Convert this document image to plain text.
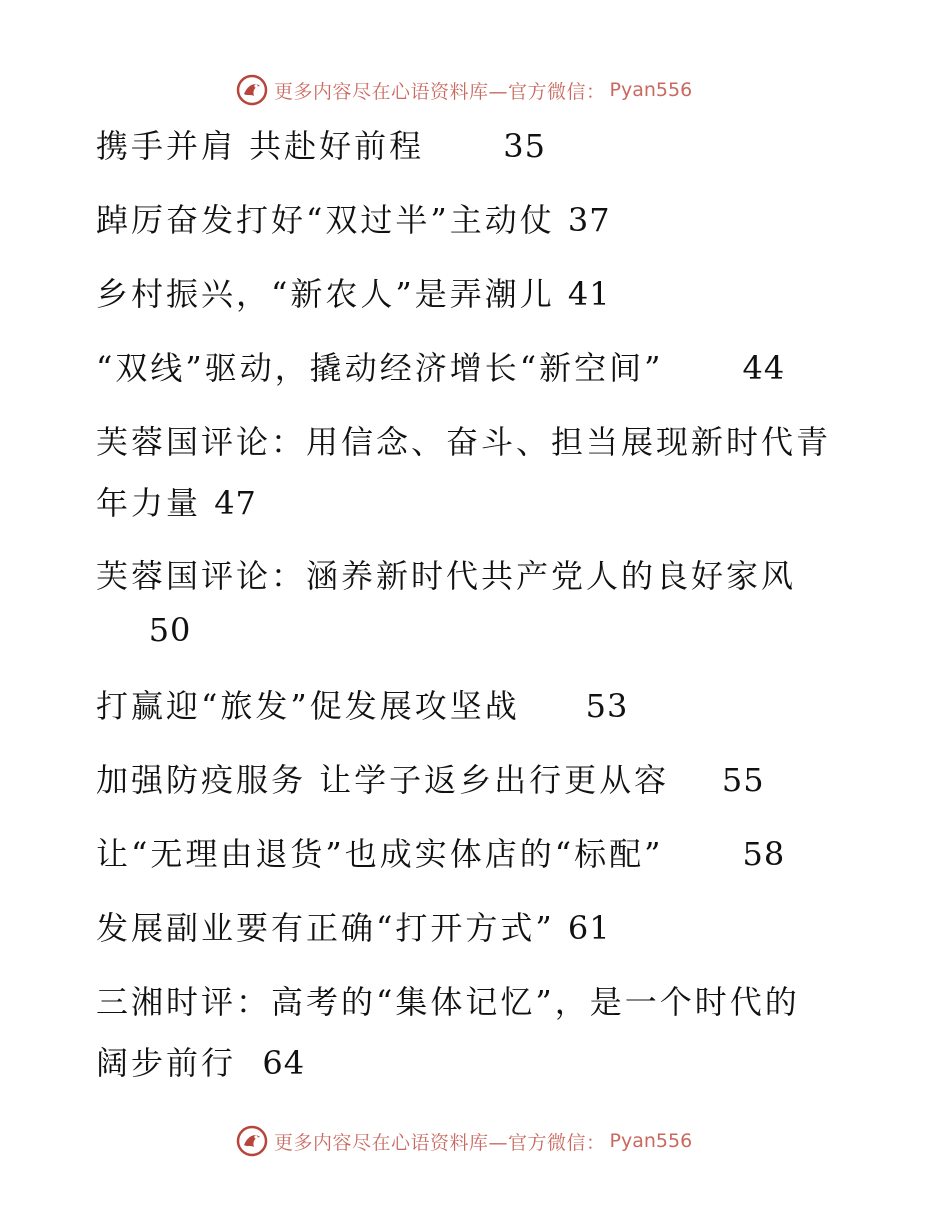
更多内容尽在心语资料库—官方微信： Pyan556
携手并肩 共赴好前程 35
踔厉奋发打好“双过半”主动仗 37
乡村振兴，“新农人”是弄潮儿 41
“双线”驱动，撬动经济增长“新空间” 44
芙蓉国评论：用信念、奋斗、担当展现新时代青
年力量 47
芙蓉国评论：涵养新时代共产党人的良好家风
50
打赢迎“旅发”促发展攻坚战 53
加强防疫服务 让学子返乡出行更从容 55
让“无理由退货”也成实体店的“标配” 58
发展副业要有正确“打开方式” 61
三湘时评：高考的“集体记忆”，是一个时代的
阔步前行 64
更多内容尽在心语资料库—官方微信： Pyan556
